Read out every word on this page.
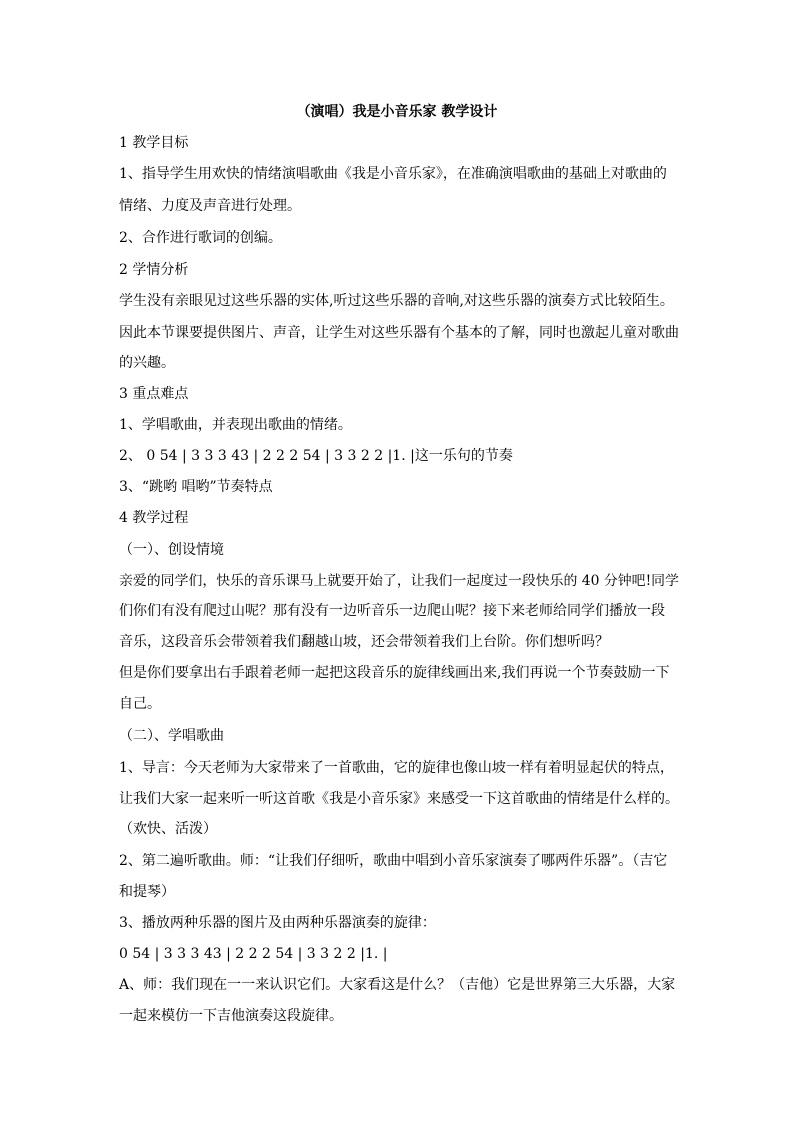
（演唱）我是小音乐家 教学设计
1 教学目标
1、指导学生用欢快的情绪演唱歌曲《我是小音乐家》，在准确演唱歌曲的基础上对歌曲的
情绪、力度及声音进行处理。
2、合作进行歌词的创编。
2 学情分析
学生没有亲眼见过这些乐器的实体,听过这些乐器的音响,对这些乐器的演奏方式比较陌生。
因此本节课要提供图片、声音，让学生对这些乐器有个基本的了解，同时也激起儿童对歌曲
的兴趣。
3 重点难点
1、学唱歌曲，并表现出歌曲的情绪。
2、 0 54 | 3 3 3 43 | 2 2 2 54 | 3 3 2 2 |1. |这一乐句的节奏
3、“跳哟 唱哟”节奏特点
4 教学过程
（一）、创设情境
亲爱的同学们，快乐的音乐课马上就要开始了，让我们一起度过一段快乐的 40 分钟吧!同学
们你们有没有爬过山呢？那有没有一边听音乐一边爬山呢？接下来老师给同学们播放一段
音乐，这段音乐会带领着我们翻越山坡，还会带领着我们上台阶。你们想听吗？
但是你们要拿出右手跟着老师一起把这段音乐的旋律线画出来,我们再说一个节奏鼓励一下
自己。
（二）、学唱歌曲
1、导言：今天老师为大家带来了一首歌曲，它的旋律也像山坡一样有着明显起伏的特点，
让我们大家一起来听一听这首歌《我是小音乐家》来感受一下这首歌曲的情绪是什么样的。
（欢快、活泼）
2、第二遍听歌曲。师：“让我们仔细听，歌曲中唱到小音乐家演奏了哪两件乐器”。（吉它
和提琴）
3、播放两种乐器的图片及由两种乐器演奏的旋律：
0 54 | 3 3 3 43 | 2 2 2 54 | 3 3 2 2 |1. |
A、师：我们现在一一来认识它们。大家看这是什么？（吉他）它是世界第三大乐器，大家
一起来模仿一下吉他演奏这段旋律。
